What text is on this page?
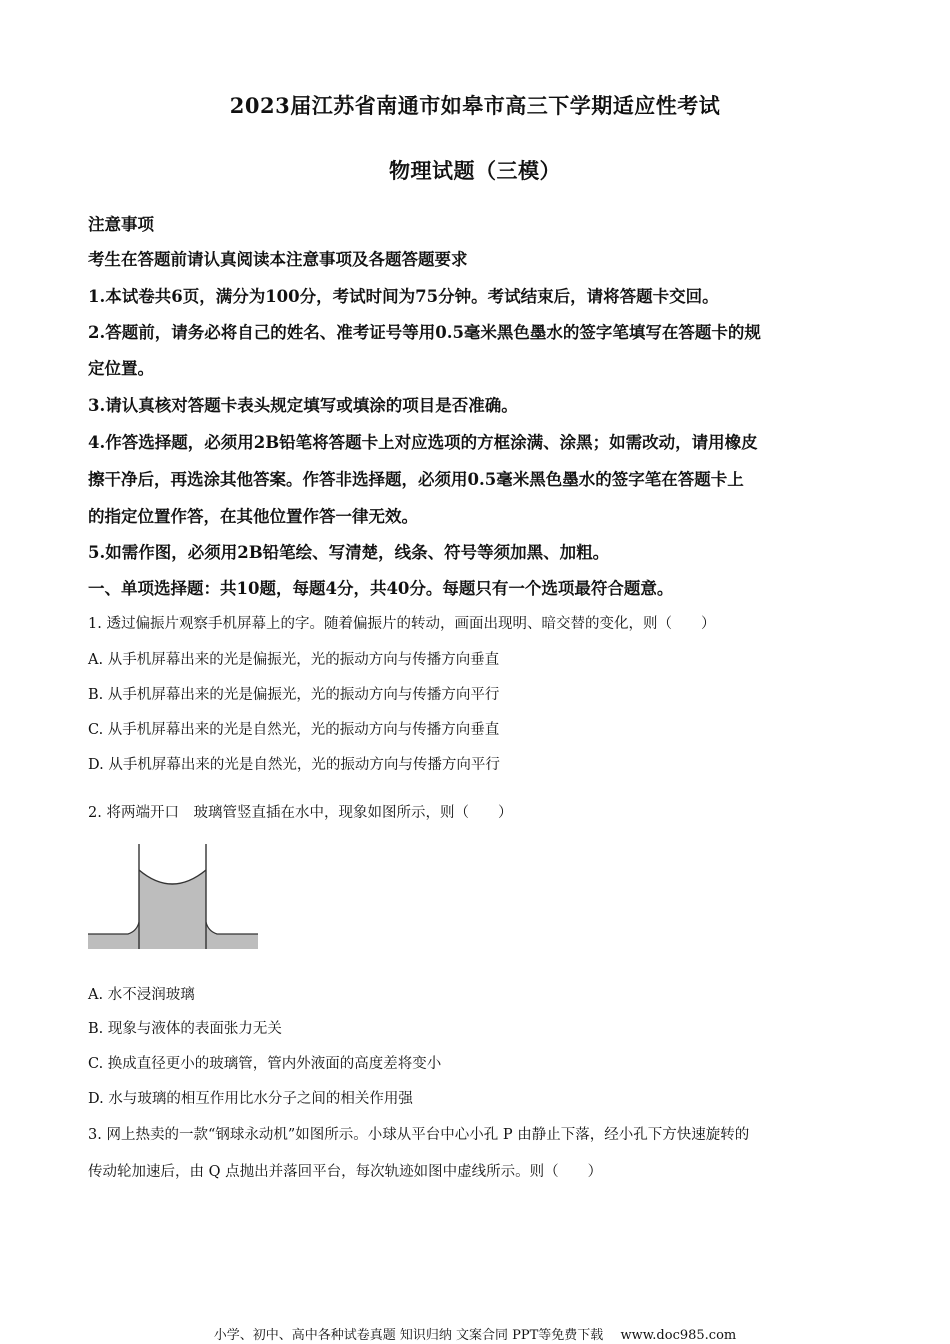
2023届江苏省南通市如皋市高三下学期适应性考试
物理试题（三模）
注意事项
考生在答题前请认真阅读本注意事项及各题答题要求
1.本试卷共6页，满分为100分，考试时间为75分钟。考试结束后，请将答题卡交回。
2.答题前，请务必将自己的姓名、准考证号等用0.5毫米黑色墨水的签字笔填写在答题卡的规
定位置。
3.请认真核对答题卡表头规定填写或填涂的项目是否准确。
4.作答选择题，必须用2B铅笔将答题卡上对应选项的方框涂满、涂黑；如需改动，请用橡皮
擦干净后，再选涂其他答案。作答非选择题，必须用0.5毫米黑色墨水的签字笔在答题卡上
的指定位置作答，在其他位置作答一律无效。
5.如需作图，必须用2B铅笔绘、写清楚，线条、符号等须加黑、加粗。
一、单项选择题：共10题，每题4分，共40分。每题只有一个选项最符合题意。
1. 透过偏振片观察手机屏幕上的字。随着偏振片的转动，画面出现明、暗交替的变化，则（　　）
A. 从手机屏幕出来的光是偏振光，光的振动方向与传播方向垂直
B. 从手机屏幕出来的光是偏振光，光的振动方向与传播方向平行
C. 从手机屏幕出来的光是自然光，光的振动方向与传播方向垂直
D. 从手机屏幕出来的光是自然光，光的振动方向与传播方向平行
2. 将两端开口　玻璃管竖直插在水中，现象如图所示，则（　　）
A. 水不浸润玻璃
B. 现象与液体的表面张力无关
C. 换成直径更小的玻璃管，管内外液面的高度差将变小
D. 水与玻璃的相互作用比水分子之间的相关作用强
3. 网上热卖的一款“钢球永动机”如图所示。小球从平台中心小孔 P 由静止下落，经小孔下方快速旋转的
传动轮加速后，由 Q 点抛出并落回平台，每次轨迹如图中虚线所示。则（　　）
小学、初中、高中各种试卷真题 知识归纳 文案合同 PPT等免费下载　 www.doc985.com
